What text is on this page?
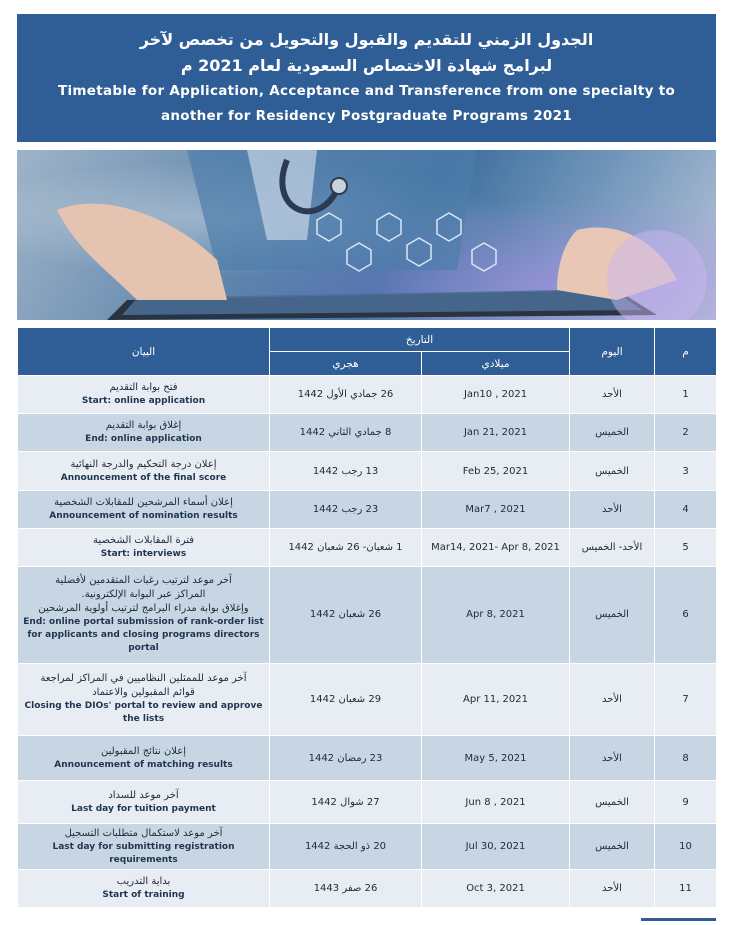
الجدول الزمني للتقديم والقبول والتحويل من تخصص لآخر
لبرامج شهادة الاختصاص السعودية لعام 2021 م
Timetable for Application, Acceptance and Transference from one specialty to
another for Residency Postgraduate Programs 2021
البيان	التاريخ		اليوم	م
	هجري	ميلادي		

فتح بوابة التقديم
Start: online application	26 جمادي الأول 1442	Jan10 , 2021	الأحد	1

إغلاق بوابة التقديم
End: online application	8 جمادي الثاني 1442	Jan 21, 2021	الخميس	2

إعلان درجة التحكيم والدرجة النهائية
Announcement of the final score	13 رجب 1442	Feb 25, 2021	الخميس	3

إعلان أسماء المرشحين للمقابلات الشخصية
Announcement of nomination results	23 رجب 1442	Mar7 , 2021	الأحد	4

فترة المقابلات الشخصية
Start: interviews	1 شعبان- 26 شعبان 1442	Mar14, 2021- Apr 8, 2021	الأحد- الخميس	5

آخر موعد لترتيب رغبات المتقدمين لأفضلية
المراكز عبر البوابة الإلكترونية.
وإغلاق بوابة مدراء البرامج لترتيب أولوية المرشحين
End: online portal submission of rank-order list for applicants and closing programs directors portal	26 شعبان 1442	Apr 8, 2021	الخميس	6

آخر موعد للممثلين النظاميين في المراكز لمراجعة
قوائم المقبولين والاعتماد
Closing the DIOs' portal to review and approve the lists	29 شعبان 1442	Apr 11, 2021	الأحد	7

إعلان نتائج المقبولين
Announcement of matching results	23 رمضان 1442	May 5, 2021	الأحد	8

آخر موعد للسداد
Last day for tuition payment	27 شوال 1442	Jun 8 , 2021	الخميس	9

آخر موعد لاستكمال متطلبات التسجيل
Last day for submitting registration requirements	20 ذو الحجة 1442	Jul 30, 2021	الخميس	10

بداية التدريب
Start of training	26 صفر 1443	Oct 3, 2021	الأحد	11
